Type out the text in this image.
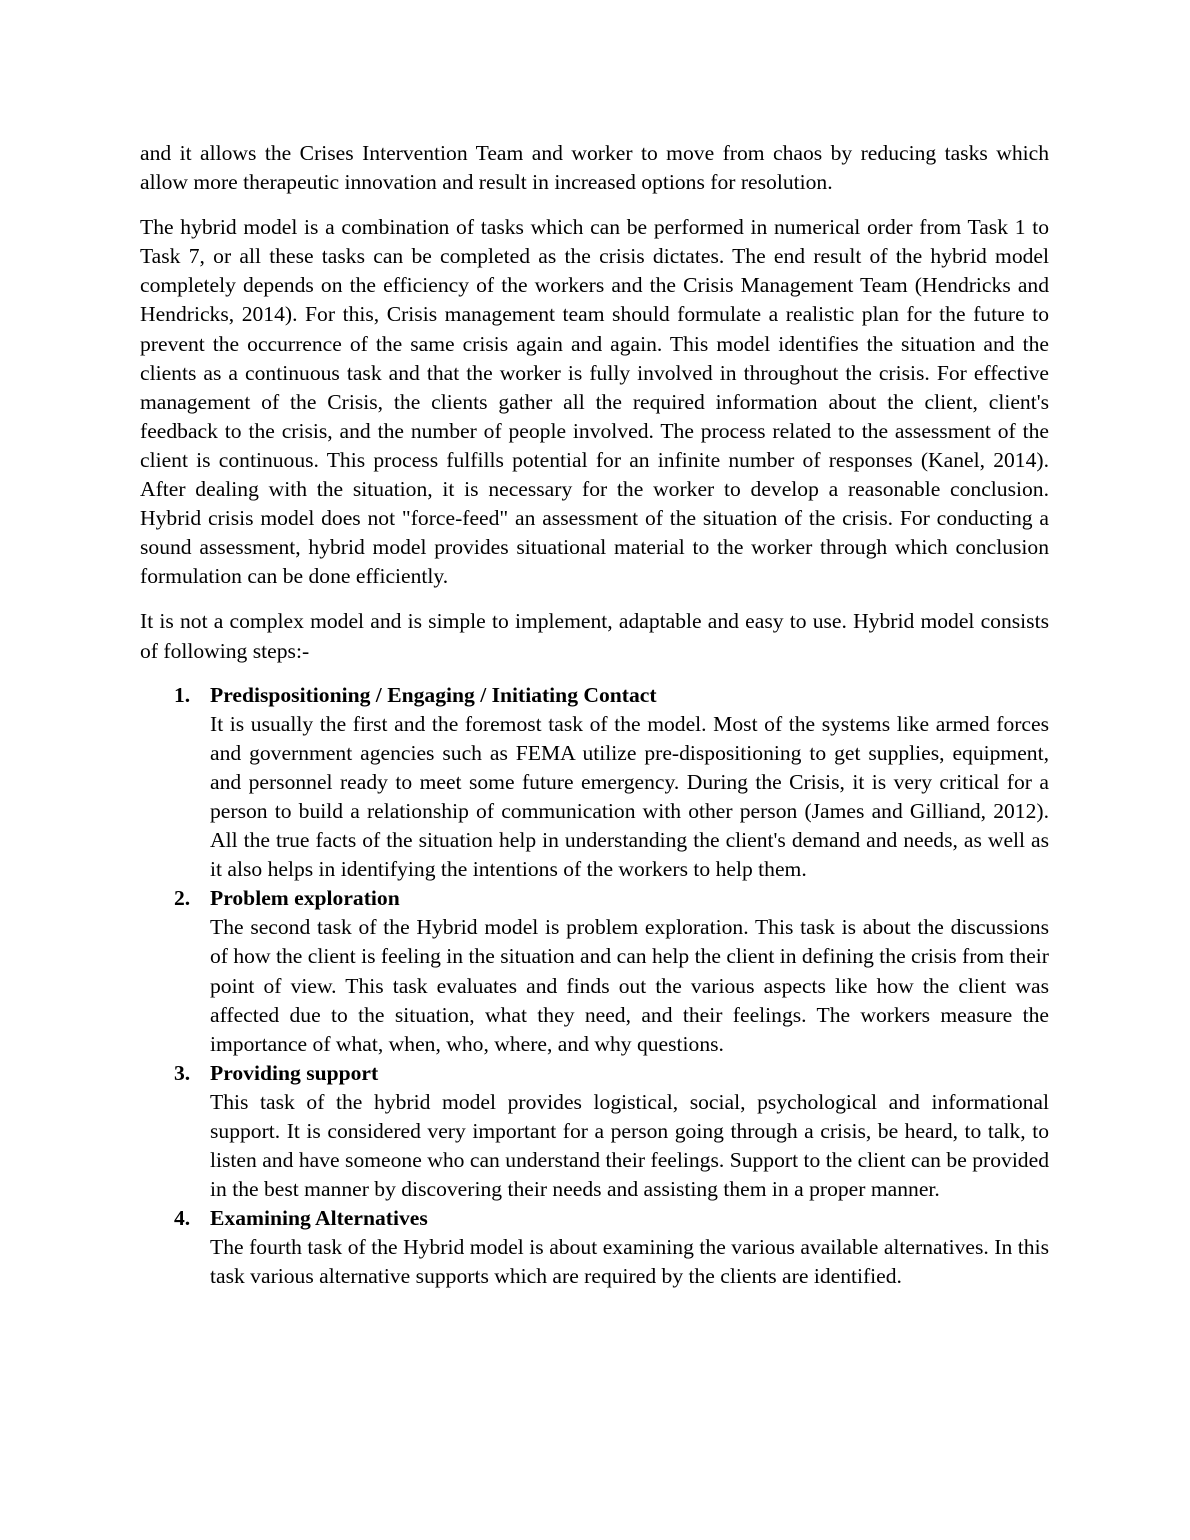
and it allows the Crises Intervention Team and worker to move from chaos by reducing tasks which allow more therapeutic innovation and result in increased options for resolution.

The hybrid model is a combination of tasks which can be performed in numerical order from Task 1 to Task 7, or all these tasks can be completed as the crisis dictates. The end result of the hybrid model completely depends on the efficiency of the workers and the Crisis Management Team (Hendricks and Hendricks, 2014). For this, Crisis management team should formulate a realistic plan for the future to prevent the occurrence of the same crisis again and again. This model identifies the situation and the clients as a continuous task and that the worker is fully involved in throughout the crisis. For effective management of the Crisis, the clients gather all the required information about the client, client's feedback to the crisis, and the number of people involved. The process related to the assessment of the client is continuous. This process fulfills potential for an infinite number of responses (Kanel, 2014). After dealing with the situation, it is necessary for the worker to develop a reasonable conclusion. Hybrid crisis model does not "force-feed" an assessment of the situation of the crisis. For conducting a sound assessment, hybrid model provides situational material to the worker through which conclusion formulation can be done efficiently.

It is not a complex model and is simple to implement, adaptable and easy to use. Hybrid model consists of following steps:-

1. Predispositioning / Engaging / Initiating Contact
It is usually the first and the foremost task of the model. Most of the systems like armed forces and government agencies such as FEMA utilize pre-dispositioning to get supplies, equipment, and personnel ready to meet some future emergency. During the Crisis, it is very critical for a person to build a relationship of communication with other person (James and Gilliand, 2012). All the true facts of the situation help in understanding the client's demand and needs, as well as it also helps in identifying the intentions of the workers to help them.
2. Problem exploration
The second task of the Hybrid model is problem exploration. This task is about the discussions of how the client is feeling in the situation and can help the client in defining the crisis from their point of view. This task evaluates and finds out the various aspects like how the client was affected due to the situation, what they need, and their feelings. The workers measure the importance of what, when, who, where, and why questions.
3. Providing support
This task of the hybrid model provides logistical, social, psychological and informational support. It is considered very important for a person going through a crisis, be heard, to talk, to listen and have someone who can understand their feelings. Support to the client can be provided in the best manner by discovering their needs and assisting them in a proper manner.
4. Examining Alternatives
The fourth task of the Hybrid model is about examining the various available alternatives. In this task various alternative supports which are required by the clients are identified.
